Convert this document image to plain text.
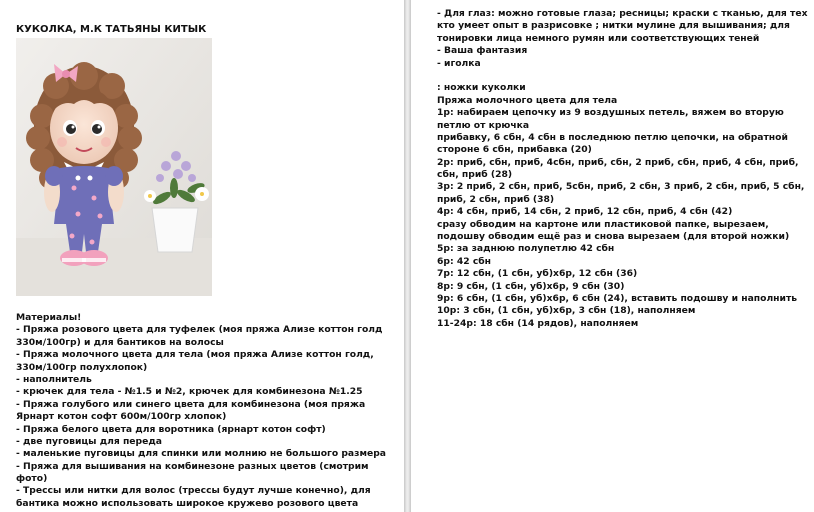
КУКОЛКА, М.К ТАТЬЯНЫ КИТЫК
Материалы!
- Пряжа розового цвета для туфелек (моя пряжа Ализе коттон голд
330м/100гр) и для бантиков на волосы
- Пряжа молочного цвета для тела (моя пряжа Ализе коттон голд,
330м/100гр полухлопок)
- наполнитель
- крючек для тела - №1.5 и №2, крючек для комбинезона №1.25
- Пряжа голубого или синего цвета для комбинезона (моя пряжа
Ярнарт котон софт 600м/100гр хлопок)
- Пряжа белого цвета для воротника (ярнарт котон софт)
- две пуговицы для переда
- маленькие пуговицы для спинки или молнию не большого размера
- Пряжа для вышивания на комбинезоне разных цветов (смотрим
фото)
- Трессы или нитки для волос (трессы будут лучше конечно), для
бантика можно использовать широкое кружево розового цвета
- Для глаз: можно готовые глаза; ресницы; краски с тканью, для тех
кто умеет опыт в разрисовке ; нитки мулине для вышивания; для
тонировки лица немного румян или соответствующих теней
- Ваша фантазия
- иголка
: ножки куколки
Пряжа молочного цвета для тела
1р: набираем цепочку из 9 воздушных петель, вяжем во вторую
петлю от крючка
прибавку, 6 сбн, 4 сбн в последнюю петлю цепочки, на обратной
стороне 6 сбн, прибавка (20)
2р: приб, сбн, приб, 4сбн, приб, сбн, 2 приб, сбн, приб, 4 сбн, приб,
сбн, приб (28)
3р: 2 приб, 2 сбн, приб, 5сбн, приб, 2 сбн, 3 приб, 2 сбн, приб, 5 сбн,
приб, 2 сбн, приб (38)
4р: 4 сбн, приб, 14 сбн, 2 приб, 12 сбн, приб, 4 сбн (42)
сразу обводим на картоне или пластиковой папке, вырезаем,
подошву обводим ещё раз и снова вырезаем (для второй ножки)
5р: за заднюю полупетлю 42 сбн
6р: 42 сбн
7р: 12 сбн, (1 сбн, уб)х6р, 12 сбн (36)
8р: 9 сбн, (1 сбн, уб)х6р, 9 сбн (30)
9р: 6 сбн, (1 сбн, уб)х6р, 6 сбн (24), вставить подошву и наполнить
10р: 3 сбн, (1 сбн, уб)х6р, 3 сбн (18), наполняем
11-24р: 18 сбн (14 рядов), наполняем
